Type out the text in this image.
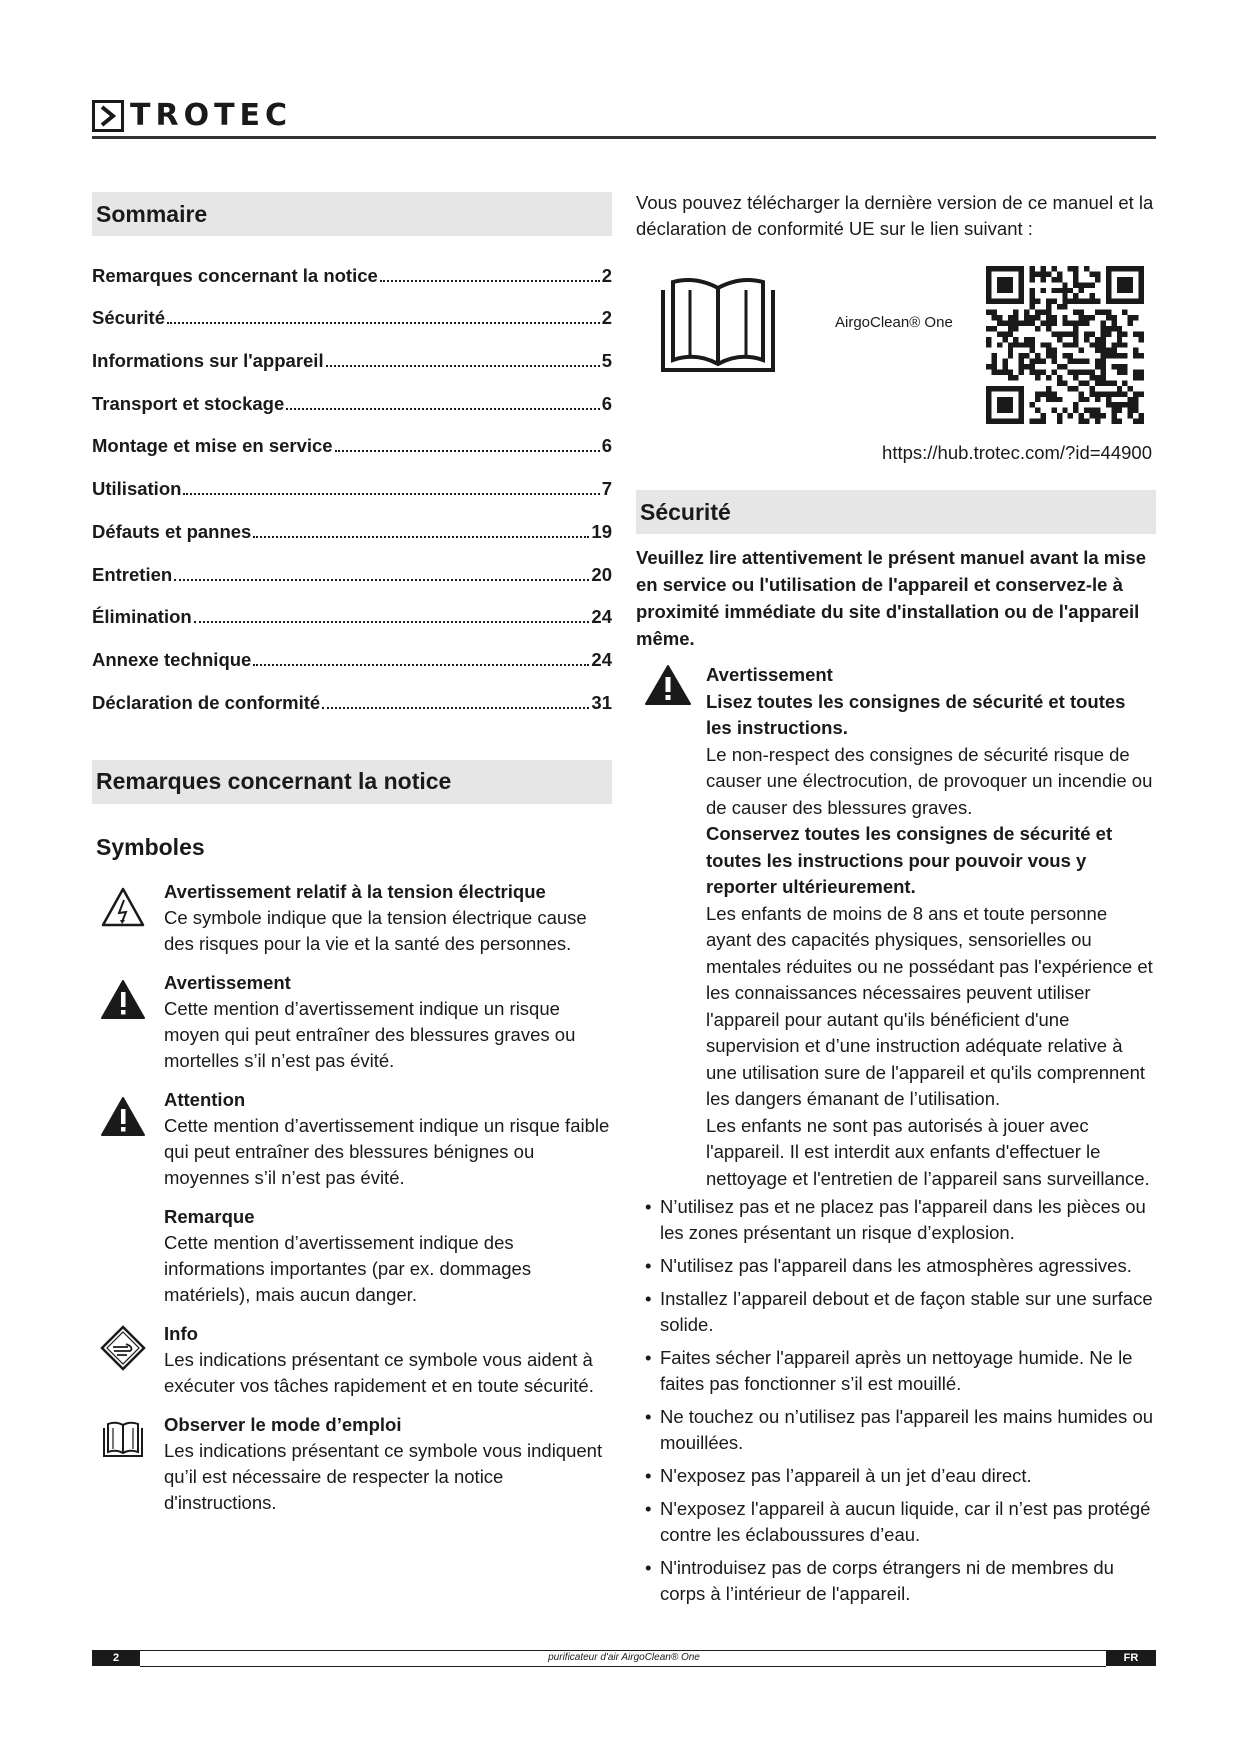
TROTEC
Sommaire
Remarques concernant la notice	2
Sécurité	2
Informations sur l'appareil	5
Transport et stockage	6
Montage et mise en service	6
Utilisation	7
Défauts et pannes	19
Entretien	20
Élimination	24
Annexe technique	24
Déclaration de conformité	31
Remarques concernant la notice
Symboles
Avertissement relatif à la tension électrique
Ce symbole indique que la tension électrique cause des risques pour la vie et la santé des personnes.
Avertissement
Cette mention d’avertissement indique un risque moyen qui peut entraîner des blessures graves ou mortelles s’il n’est pas évité.
Attention
Cette mention d’avertissement indique un risque faible qui peut entraîner des blessures bénignes ou moyennes s’il n’est pas évité.
Remarque
Cette mention d’avertissement indique des informations importantes (par ex. dommages matériels), mais aucun danger.
Info
Les indications présentant ce symbole vous aident à exécuter vos tâches rapidement et en toute sécurité.
Observer le mode d’emploi
Les indications présentant ce symbole vous indiquent qu’il est nécessaire de respecter la notice d'instructions.
Vous pouvez télécharger la dernière version de ce manuel et la déclaration de conformité UE sur le lien suivant :
AirgoClean® One
https://hub.trotec.com/?id=44900
Sécurité
Veuillez lire attentivement le présent manuel avant la mise en service ou l'utilisation de l'appareil et conservez-le à proximité immédiate du site d'installation ou de l'appareil même.
Avertissement
Lisez toutes les consignes de sécurité et toutes les instructions.
Le non-respect des consignes de sécurité risque de causer une électrocution, de provoquer un incendie ou de causer des blessures graves.
Conservez toutes les consignes de sécurité et toutes les instructions pour pouvoir vous y reporter ultérieurement.
Les enfants de moins de 8 ans et toute personne ayant des capacités physiques, sensorielles ou mentales réduites ou ne possédant pas l'expérience et les connaissances nécessaires peuvent utiliser l'appareil pour autant qu'ils bénéficient d'une supervision et d’une instruction adéquate relative à une utilisation sure de l'appareil et qu'ils comprennent les dangers émanant de l’utilisation.
Les enfants ne sont pas autorisés à jouer avec l'appareil. Il est interdit aux enfants d'effectuer le nettoyage et l'entretien de l’appareil sans surveillance.
• N’utilisez pas et ne placez pas l'appareil dans les pièces ou les zones présentant un risque d’explosion.
• N'utilisez pas l'appareil dans les atmosphères agressives.
• Installez l’appareil debout et de façon stable sur une surface solide.
• Faites sécher l'appareil après un nettoyage humide. Ne le faites pas fonctionner s’il est mouillé.
• Ne touchez ou n’utilisez pas l'appareil les mains humides ou mouillées.
• N'exposez pas l’appareil à un jet d’eau direct.
• N'exposez l'appareil à aucun liquide, car il n’est pas protégé contre les éclaboussures d’eau.
• N'introduisez pas de corps étrangers ni de membres du corps à l’intérieur de l'appareil.
purificateur d'air AirgoClean® One
2	FR
